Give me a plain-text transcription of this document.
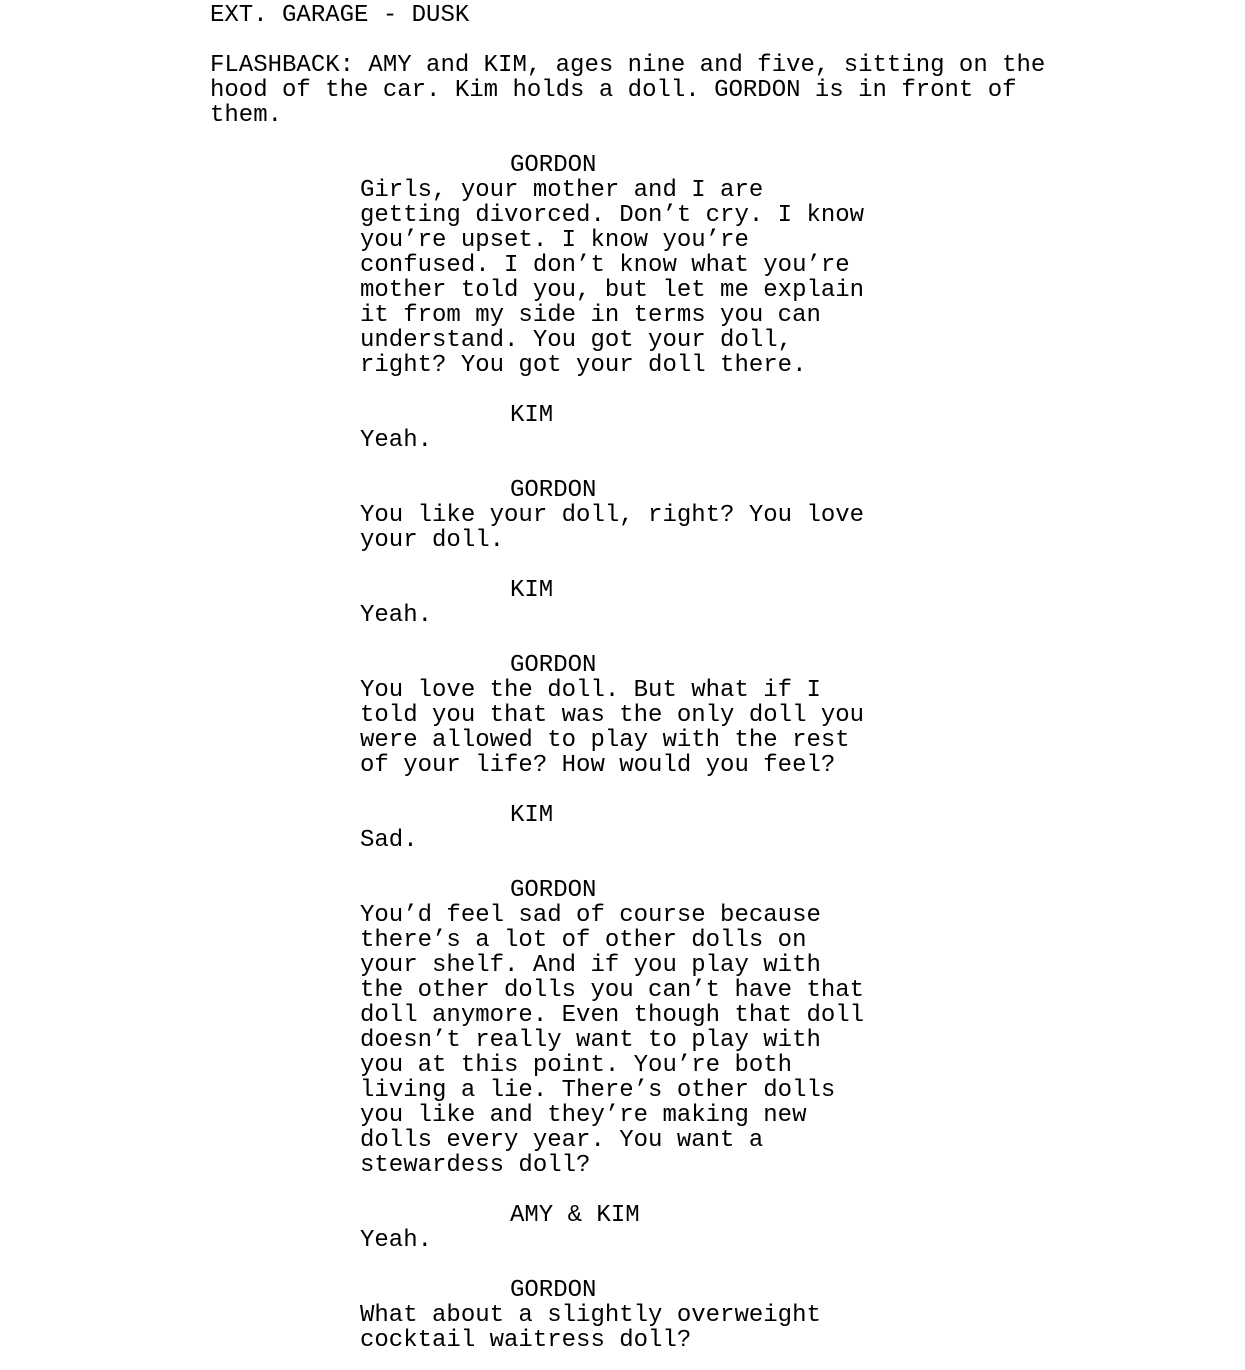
EXT. GARAGE - DUSK
FLASHBACK: AMY and KIM, ages nine and five, sitting on the
hood of the car. Kim holds a doll. GORDON is in front of
them.
GORDON
Girls, your mother and I are
getting divorced. Don’t cry. I know
you’re upset. I know you’re
confused. I don’t know what you’re
mother told you, but let me explain
it from my side in terms you can
understand. You got your doll,
right? You got your doll there.
KIM
Yeah.
GORDON
You like your doll, right? You love
your doll.
KIM
Yeah.
GORDON
You love the doll. But what if I
told you that was the only doll you
were allowed to play with the rest
of your life? How would you feel?
KIM
Sad.
GORDON
You’d feel sad of course because
there’s a lot of other dolls on
your shelf. And if you play with
the other dolls you can’t have that
doll anymore. Even though that doll
doesn’t really want to play with
you at this point. You’re both
living a lie. There’s other dolls
you like and they’re making new
dolls every year. You want a
stewardess doll?
AMY & KIM
Yeah.
GORDON
What about a slightly overweight
cocktail waitress doll?
